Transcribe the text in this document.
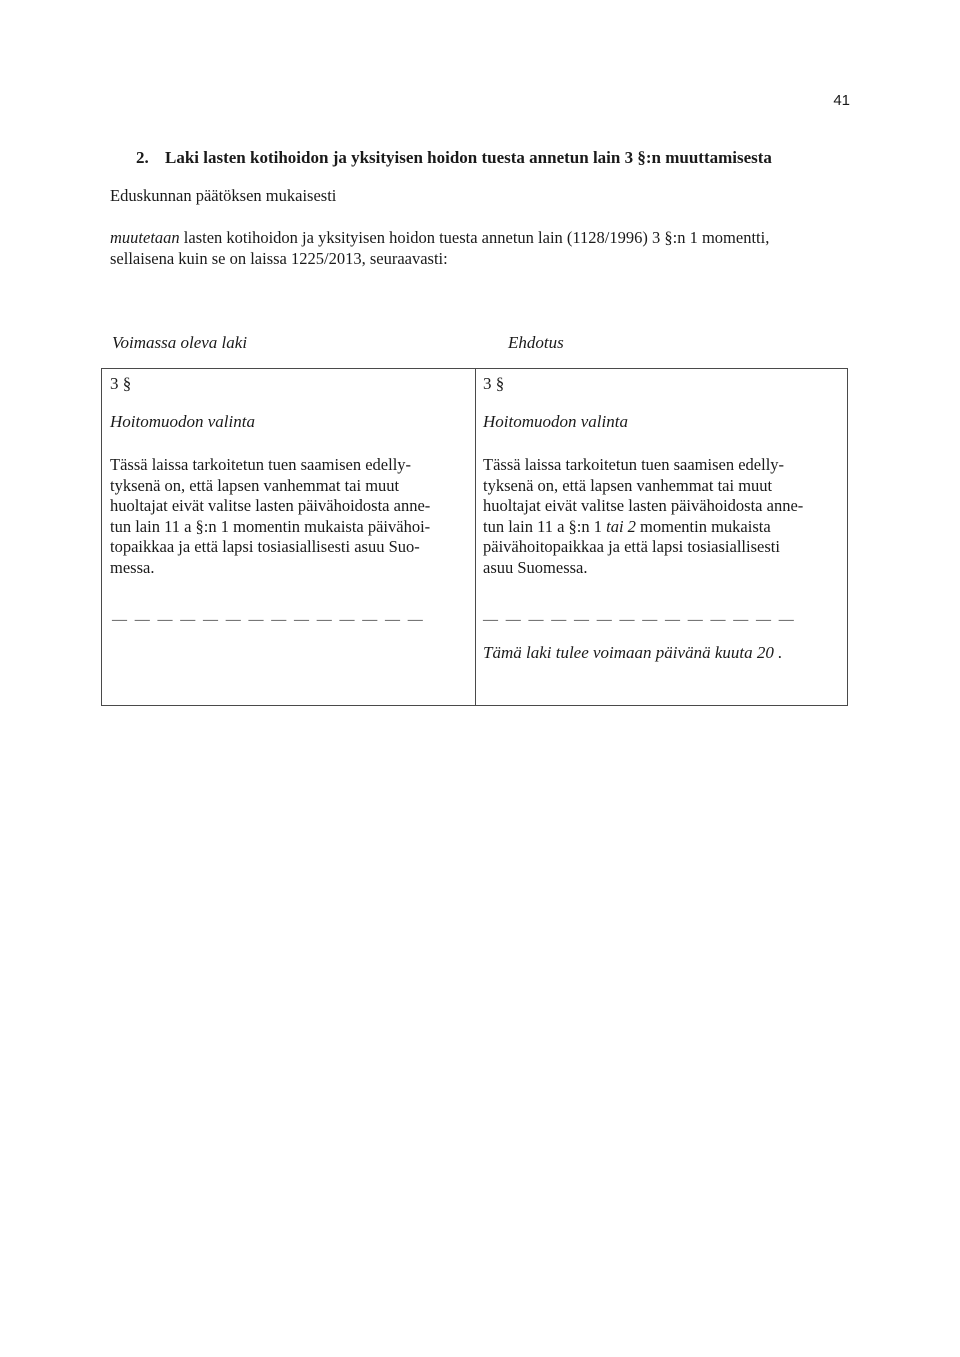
41
2. Laki lasten kotihoidon ja yksityisen hoidon tuesta annetun lain 3 §:n muuttamisesta
Eduskunnan päätöksen mukaisesti
muutetaan lasten kotihoidon ja yksityisen hoidon tuesta annetun lain (1128/1996) 3 §:n 1 momentti,
sellaisena kuin se on laissa 1225/2013, seuraavasti:
Voimassa oleva laki	Ehdotus
3 §
Hoitomuodon valinta
Tässä laissa tarkoitetun tuen saamisen edelly-
tyksenä on, että lapsen vanhemmat tai muut
huoltajat eivät valitse lasten päivähoidosta anne-
tun lain 11 a §:n 1 momentin mukaista päivähoi-
topaikkaa ja että lapsi tosiasiallisesti asuu Suo-
messa.
— — — — — — — — — — — — — —
3 §
Hoitomuodon valinta
Tässä laissa tarkoitetun tuen saamisen edelly-
tyksenä on, että lapsen vanhemmat tai muut
huoltajat eivät valitse lasten päivähoidosta anne-
tun lain 11 a §:n 1 tai 2 momentin mukaista
päivähoitopaikkaa ja että lapsi tosiasiallisesti
asuu Suomessa.
— — — — — — — — — — — — — —
Tämä laki tulee voimaan päivänä kuuta 20 .
